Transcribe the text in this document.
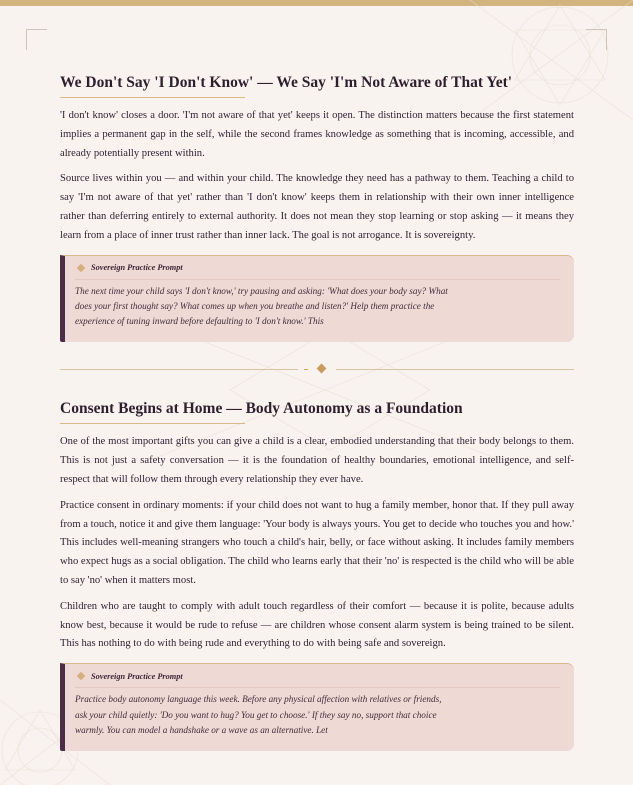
We Don't Say 'I Don't Know' — We Say 'I'm Not Aware of That Yet'

'I don't know' closes a door. 'I'm not aware of that yet' keeps it open. The distinction matters because the first statement implies a permanent gap in the self, while the second frames knowledge as something that is incoming, accessible, and already potentially present within.

Source lives within you — and within your child. The knowledge they need has a pathway to them. Teaching a child to say 'I'm not aware of that yet' rather than 'I don't know' keeps them in relationship with their own inner intelligence rather than deferring entirely to external authority. It does not mean they stop learning or stop asking — it means they learn from a place of inner trust rather than inner lack. The goal is not arrogance. It is sovereignty.

Sovereign Practice Prompt

The next time your child says 'I don't know,' try pausing and asking: 'What does your body say? What does your first thought say? What comes up when you breathe and listen?' Help them practice the experience of tuning inward before defaulting to 'I don't know.' This

Consent Begins at Home — Body Autonomy as a Foundation

One of the most important gifts you can give a child is a clear, embodied understanding that their body belongs to them. This is not just a safety conversation — it is the foundation of healthy boundaries, emotional intelligence, and self-respect that will follow them through every relationship they ever have.

Practice consent in ordinary moments: if your child does not want to hug a family member, honor that. If they pull away from a touch, notice it and give them language: 'Your body is always yours. You get to decide who touches you and how.' This includes well-meaning strangers who touch a child's hair, belly, or face without asking. It includes family members who expect hugs as a social obligation. The child who learns early that their 'no' is respected is the child who will be able to say 'no' when it matters most.

Children who are taught to comply with adult touch regardless of their comfort — because it is polite, because adults know best, because it would be rude to refuse — are children whose consent alarm system is being trained to be silent. This has nothing to do with being rude and everything to do with being safe and sovereign.

Sovereign Practice Prompt

Practice body autonomy language this week. Before any physical affection with relatives or friends, ask your child quietly: 'Do you want to hug? You get to choose.' If they say no, support that choice warmly. You can model a handshake or a wave as an alternative. Let
